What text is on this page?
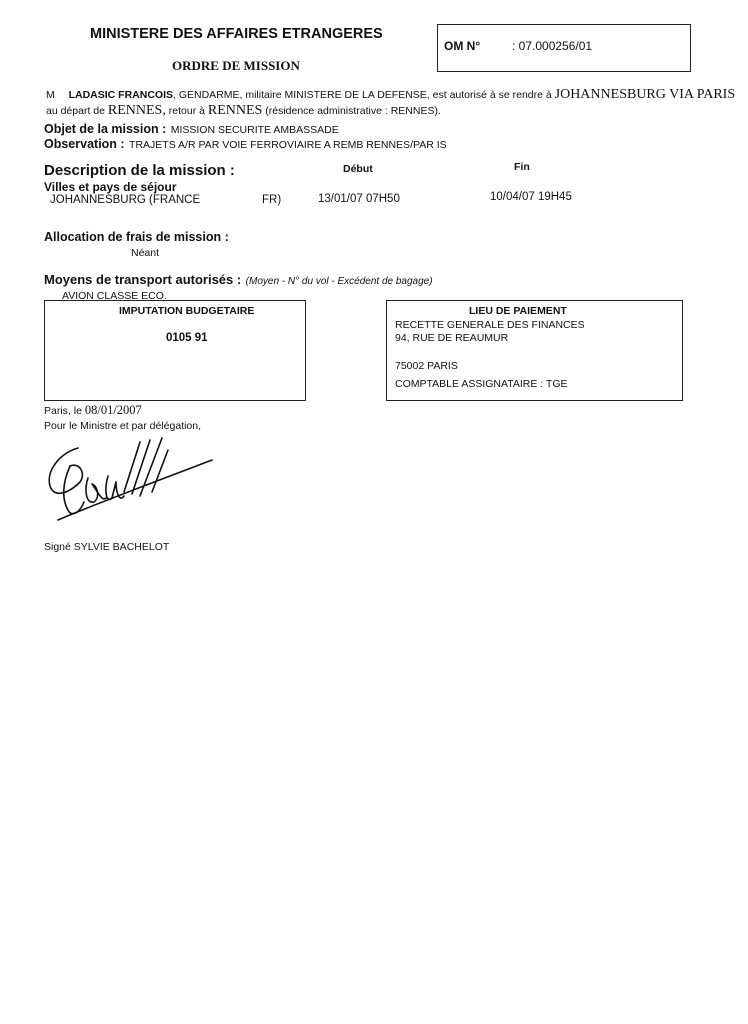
MINISTERE DES AFFAIRES ETRANGERES
ORDRE DE MISSION
OM N°	: 07.000256/01
M LADASIC FRANCOIS, GENDARME, militaire MINISTERE DE LA DEFENSE, est autorisé à se rendre à JOHANNESBURG VIA PARIS
au départ de RENNES, retour à RENNES (résidence administrative : RENNES).
Objet de la mission : MISSION SECURITE AMBASSADE
Observation : TRAJETS A/R PAR VOIE FERROVIAIRE A REMB RENNES/PAR IS
Description de la mission :	Début	Fin
Villes et pays de séjour
JOHANNESBURG (FRANCE	FR)	13/01/07 07H50	10/04/07 19H45
Allocation de frais de mission :
Néant
Moyens de transport autorisés : (Moyen - N° du vol - Excédent de bagage)
AVION CLASSE ECO.
IMPUTATION BUDGETAIRE
0105 91
LIEU DE PAIEMENT
RECETTE GENERALE DES FINANCES
94, RUE DE REAUMUR
75002 PARIS
COMPTABLE ASSIGNATAIRE : TGE
Paris, le 08/01/2007
Pour le Ministre et par délégation,
Signé SYLVIE BACHELOT
